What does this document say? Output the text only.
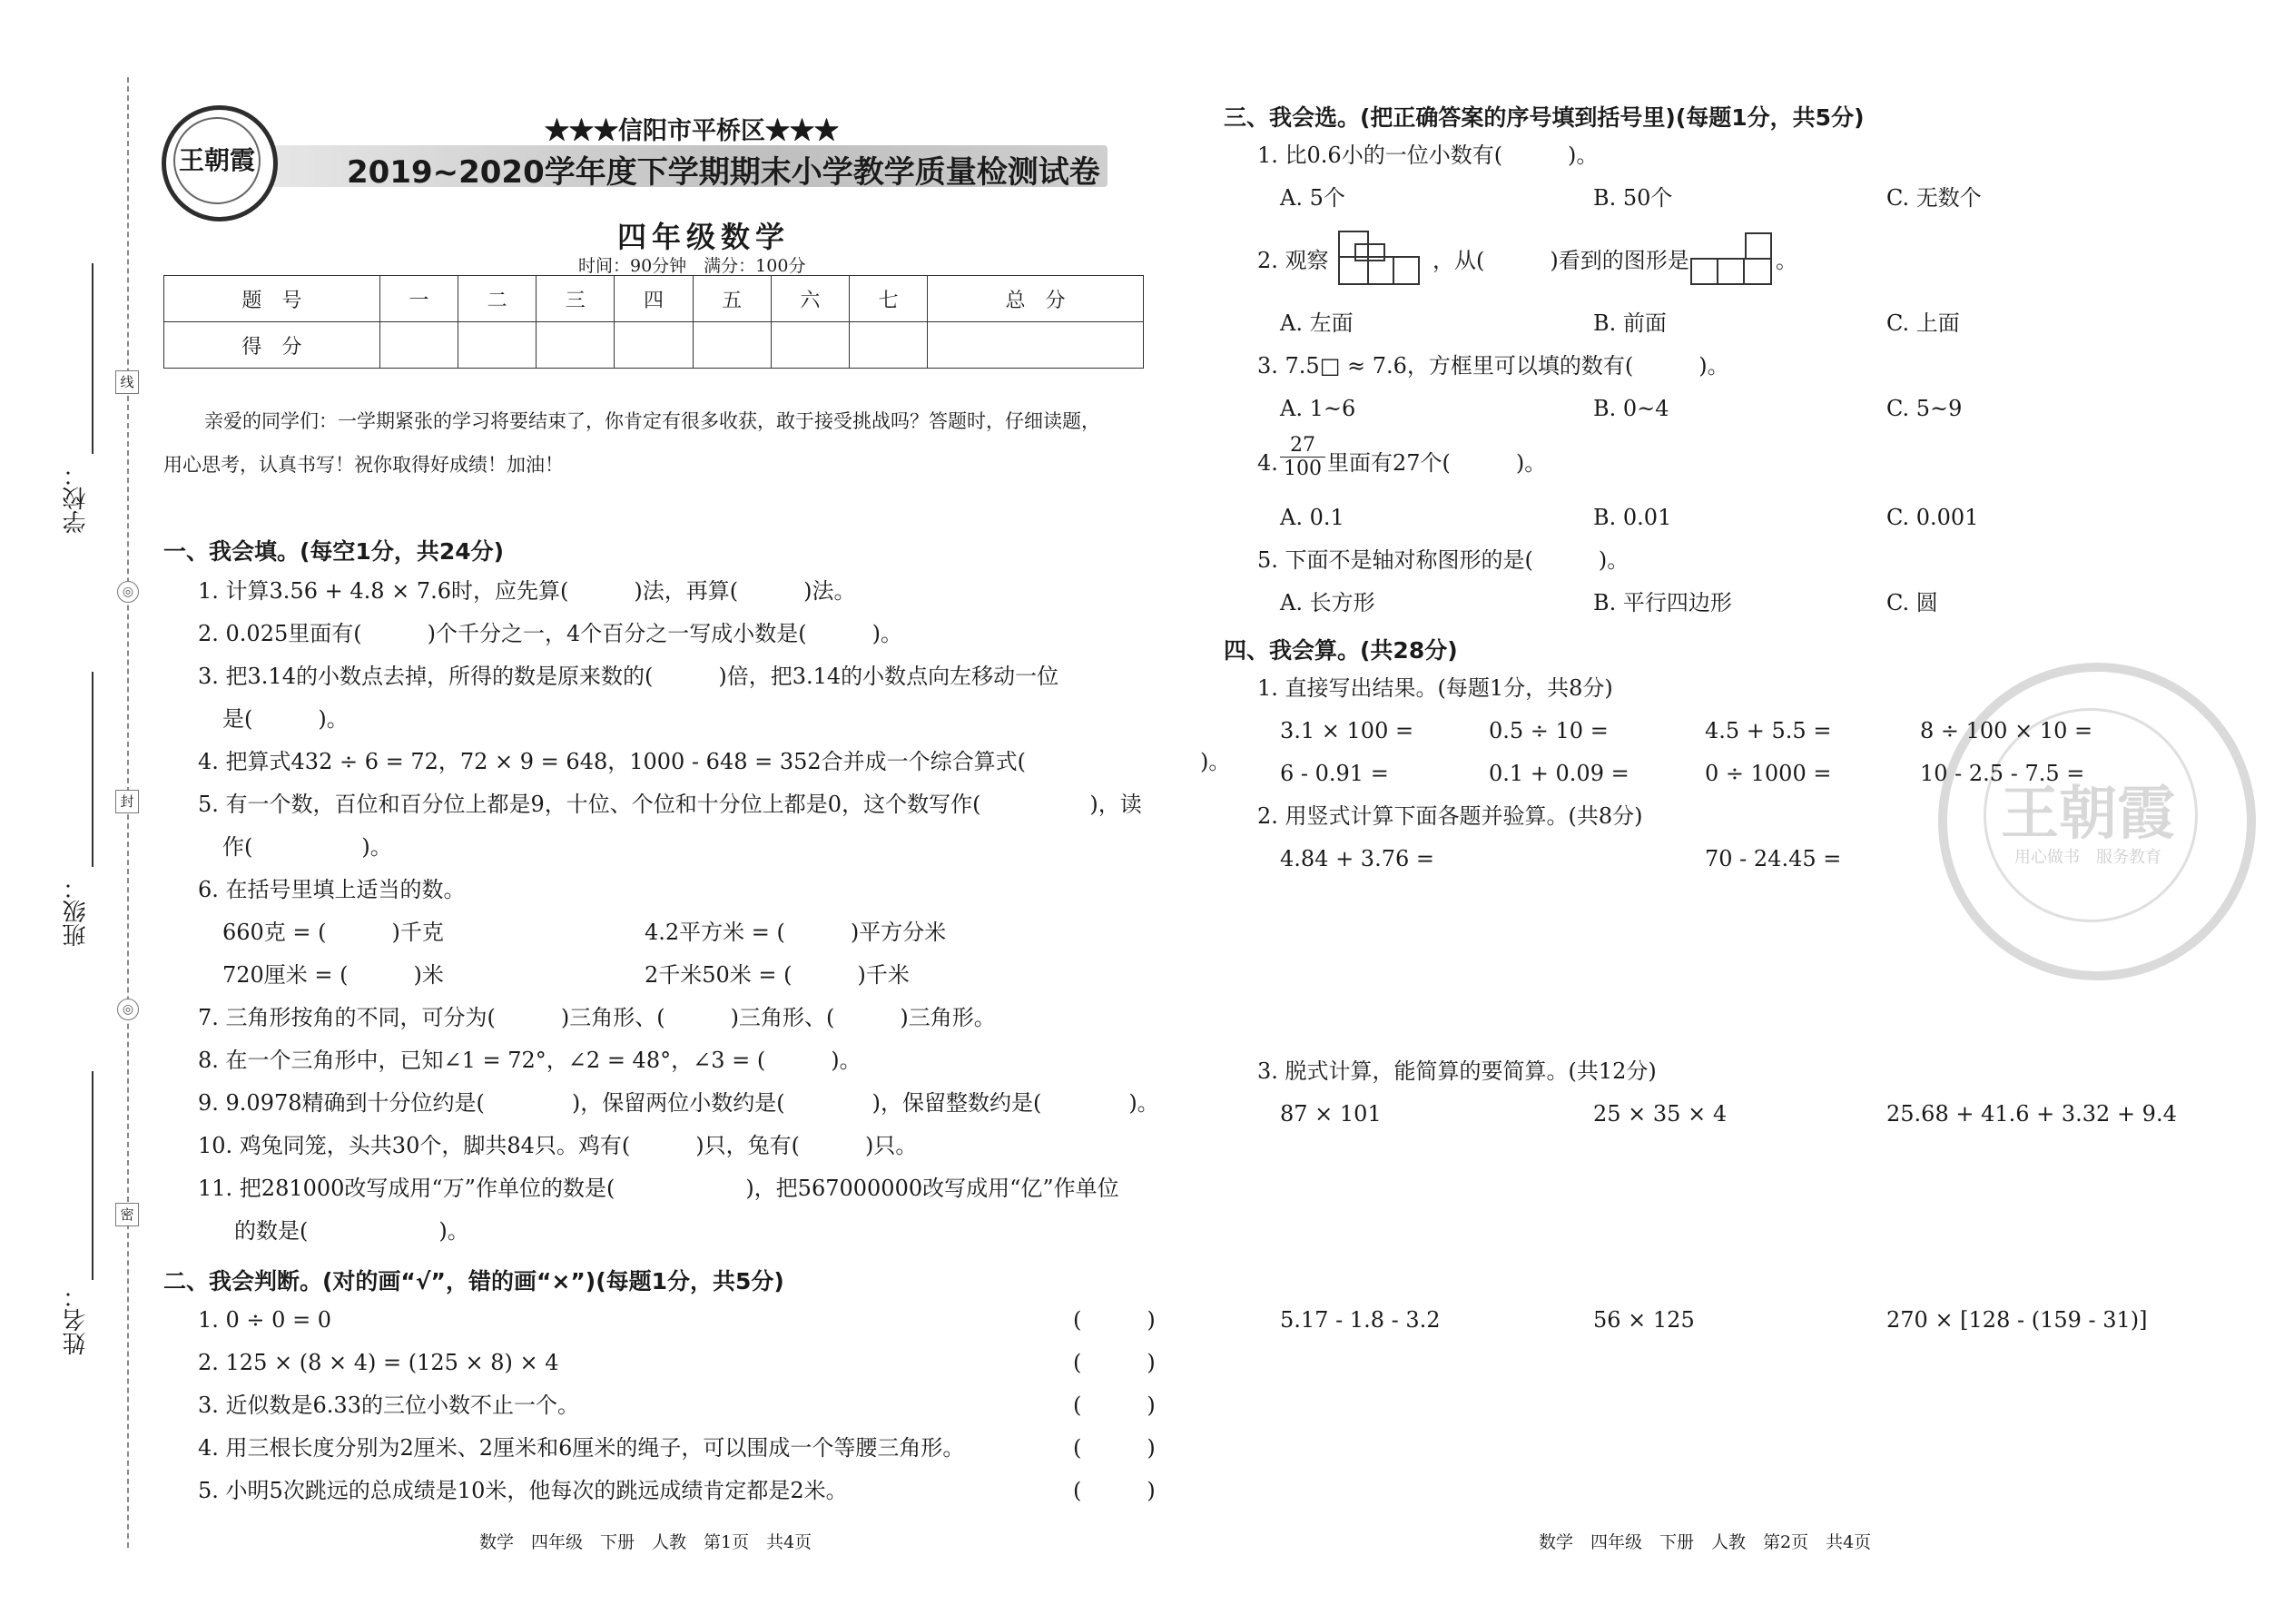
线
◎
封
◎
密
学校：
班级：
姓名：
王朝霞
★★★信阳市平桥区★★★
2019~2020学年度下学期期末小学教学质量检测试卷
四年级数学
时间：90分钟　满分：100分
题　号	一	二	三	四	五	六	七	总　分
得　分								
亲爱的同学们：一学期紧张的学习将要结束了，你肯定有很多收获，敢于接受挑战吗？答题时，仔细读题，
用心思考，认真书写！祝你取得好成绩！加油！
一、我会填。(每空1分，共24分)
1. 计算3.56 + 4.8 × 7.6时，应先算(　　　)法，再算(　　　)法。
2. 0.025里面有(　　　)个千分之一，4个百分之一写成小数是(　　　)。
3. 把3.14的小数点去掉，所得的数是原来数的(　　　)倍，把3.14的小数点向左移动一位
是(　　　)。
4. 把算式432 ÷ 6 = 72，72 × 9 = 648，1000 - 648 = 352合并成一个综合算式(　　　　　　　　)。
5. 有一个数，百位和百分位上都是9，十位、个位和十分位上都是0，这个数写作(　　　　　)，读
作(　　　　　)。
6. 在括号里填上适当的数。
660克 = (　　　)千克	4.2平方米 = (　　　)平方分米
720厘米 = (　　　)米	2千米50米 = (　　　)千米
7. 三角形按角的不同，可分为(　　　)三角形、(　　　)三角形、(　　　)三角形。
8. 在一个三角形中，已知∠1 = 72°，∠2 = 48°，∠3 = (　　　)。
9. 9.0978精确到十分位约是(　　　　)，保留两位小数约是(　　　　)，保留整数约是(　　　　)。
10. 鸡兔同笼，头共30个，脚共84只。鸡有(　　　)只，兔有(　　　)只。
11. 把281000改写成用“万”作单位的数是(　　　　　　)，把567000000改写成用“亿”作单位
的数是(　　　　　　)。
二、我会判断。(对的画“√”，错的画“×”)(每题1分，共5分)
1. 0 ÷ 0 = 0	(　　　)
2. 125 × (8 × 4) = (125 × 8) × 4	(　　　)
3. 近似数是6.33的三位小数不止一个。	(　　　)
4. 用三根长度分别为2厘米、2厘米和6厘米的绳子，可以围成一个等腰三角形。	(　　　)
5. 小明5次跳远的总成绩是10米，他每次的跳远成绩肯定都是2米。	(　　　)
数学　四年级　下册　人教　第1页　共4页
三、我会选。(把正确答案的序号填到括号里)(每题1分，共5分)
1. 比0.6小的一位小数有(　　　)。
A. 5个	B. 50个	C. 无数个
2. 观察	，从(　　　)看到的图形是	。
A. 左面	B. 前面	C. 上面
3. 7.5□ ≈ 7.6，方框里可以填的数有(　　　)。
A. 1~6	B. 0~4	C. 5~9
4. $\frac{27}{100}$ 里面有27个(　　　)。
A. 0.1	B. 0.01	C. 0.001
5. 下面不是轴对称图形的是(　　　)。
A. 长方形	B. 平行四边形	C. 圆
王朝霞
用心做书　服务教育
四、我会算。(共28分)
1. 直接写出结果。(每题1分，共8分)
3.1 × 100 =	0.5 ÷ 10 =	4.5 + 5.5 =	8 ÷ 100 × 10 =
6 - 0.91 =	0.1 + 0.09 =	0 ÷ 1000 =	10 - 2.5 - 7.5 =
2. 用竖式计算下面各题并验算。(共8分)
4.84 + 3.76 =	70 - 24.45 =
3. 脱式计算，能简算的要简算。(共12分)
87 × 101	25 × 35 × 4	25.68 + 41.6 + 3.32 + 9.4
5.17 - 1.8 - 3.2	56 × 125	270 × [128 - (159 - 31)]
数学　四年级　下册　人教　第2页　共4页
